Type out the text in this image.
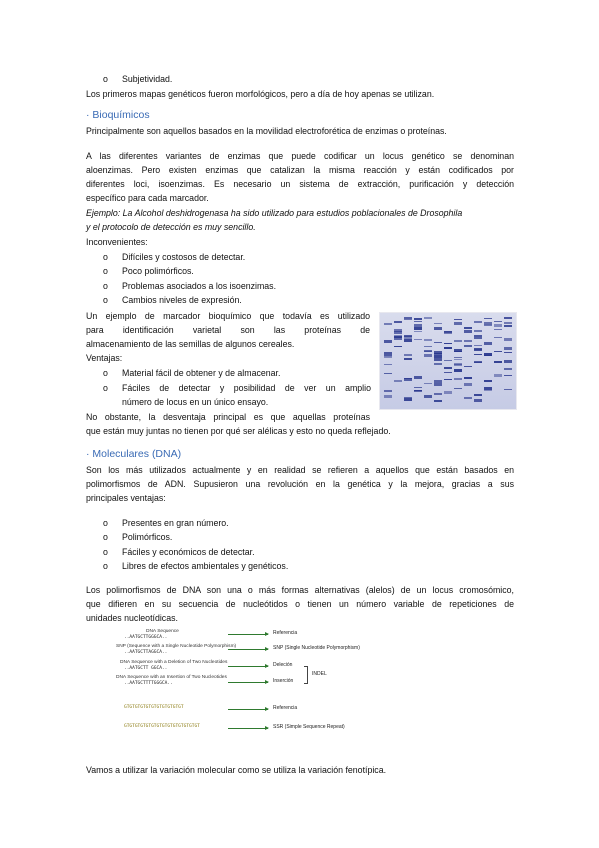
o Subjetividad.
Los primeros mapas genéticos fueron morfológicos, pero a día de hoy apenas se utilizan.
· Bioquímicos
Principalmente son aquellos basados en la movilidad electroforética de enzimas o proteínas.
A las diferentes variantes de enzimas que puede codificar un locus genético se denominan
aloenzimas. Pero existen enzimas que catalizan la misma reacción y están codificados por
diferentes loci, isoenzimas. Es necesario un sistema de extracción, purificación y detección
específico para cada marcador.
Ejemplo: La Alcohol deshidrogenasa ha sido utilizado para estudios poblacionales de Drosophila
y el protocolo de detección es muy sencillo.
Inconvenientes:
o Difíciles y costosos de detectar.
o Poco polimórficos.
o Problemas asociados a los isoenzimas.
o Cambios niveles de expresión.
Un ejemplo de marcador bioquímico que todavía es utilizado
para identificación varietal son las proteínas de
almacenamiento de las semillas de algunos cereales.
Ventajas:
o Material fácil de obtener y de almacenar.
o Fáciles de detectar y posibilidad de ver un amplio
número de locus en un único ensayo.
No obstante, la desventaja principal es que aquellas proteínas
que están muy juntas no tienen por qué ser alélicas y esto no queda reflejado.
· Moleculares (DNA)
Son los más utilizados actualmente y en realidad se refieren a aquellos que están basados en
polimorfismos de ADN. Supusieron una revolución en la genética y la mejora, gracias a sus
principales ventajas:
o Presentes en gran número.
o Polimórficos.
o Fáciles y económicos de detectar.
o Libres de efectos ambientales y genéticos.
Los polimorfismos de DNA son una o más formas alternativas (alelos) de un locus cromosómico,
que difieren en su secuencia de nucleótidos o tienen un número variable de repeticiones de
unidades nucleotídicas.
DNA Sequence
..AATGCTTGGGCA..
SNP (Sequence with a Single Nucleotide Polymorphism)
..AATGCTTAGGCA..
DNA Sequence with a Deletion of Two Nucleotides
..AATGCTT GGCA..
DNA Sequence with an Insertion of Two Nucleotides
..AATGCTTTTGGGCA..
Referencia
SNP (Single Nucleotide Polymorphism)
Deleción
Inserción
INDEL
GTGTGTGTGTGTGTGTGTGTGT
GTGTGTGTGTGTGTGTGTGTGTGTGTGT
Referencia
SSR (Simple Sequence Repeat)
Vamos a utilizar la variación molecular como se utiliza la variación fenotípica.
